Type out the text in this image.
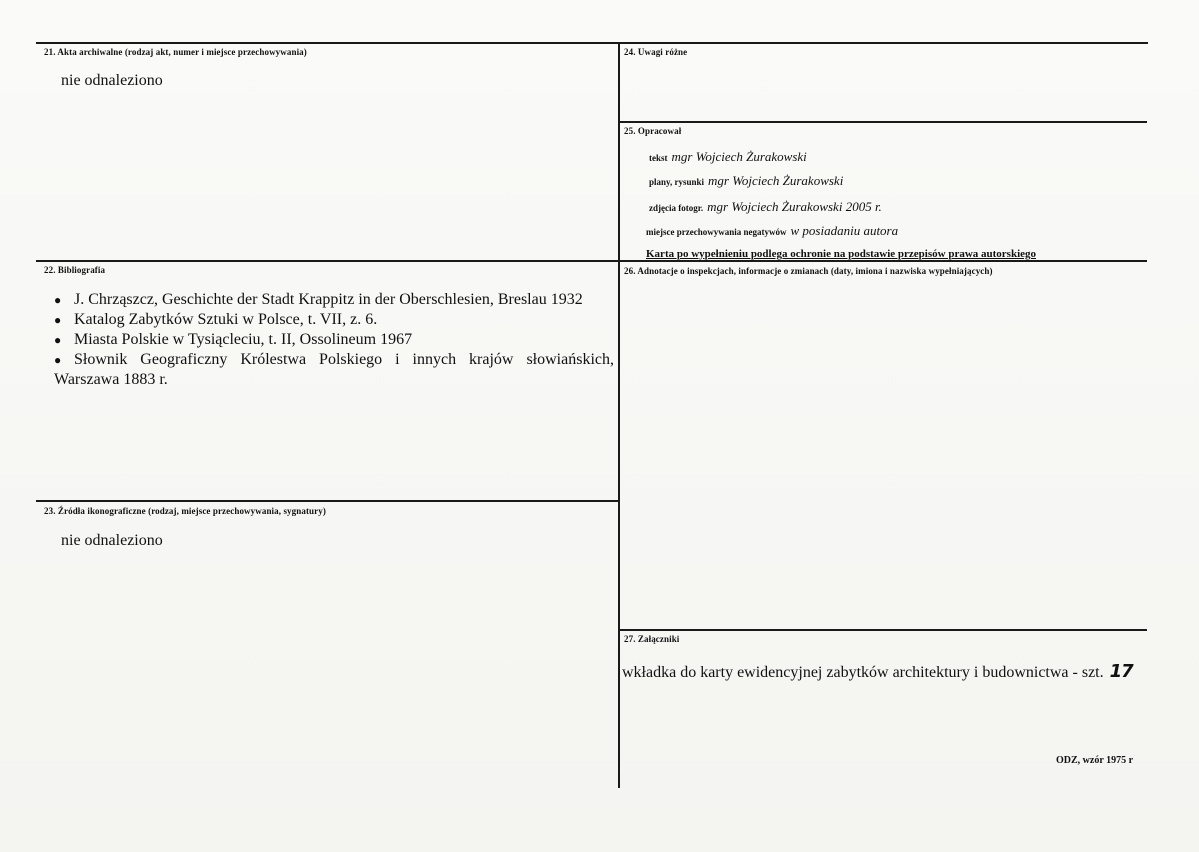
21. Akta archiwalne (rodzaj akt, numer i miejsce przechowywania)
nie odnaleziono
22. Bibliografia
● J. Chrząszcz, Geschichte der Stadt Krappitz in der Oberschlesien, Breslau 1932
● Katalog Zabytków Sztuki w Polsce, t. VII, z. 6.
● Miasta Polskie w Tysiącleciu, t. II, Ossolineum 1967
● Słownik Geograficzny Królestwa Polskiego i innych krajów słowiańskich, Warszawa 1883 r.
23. Źródła ikonograficzne (rodzaj, miejsce przechowywania, sygnatury)
nie odnaleziono
24. Uwagi różne
25. Opracował
tekst mgr Wojciech Żurakowski
plany, rysunki mgr Wojciech Żurakowski
zdjęcia fotogr. mgr Wojciech Żurakowski 2005 r.
miejsce przechowywania negatywów w posiadaniu autora
Karta po wypełnieniu podlega ochronie na podstawie przepisów prawa autorskiego
26. Adnotacje o inspekcjach, informacje o zmianach (daty, imiona i nazwiska wypełniających)
27. Załączniki
wkładka do karty ewidencyjnej zabytków architektury i budownictwa - szt. 17
ODZ, wzór 1975 r
